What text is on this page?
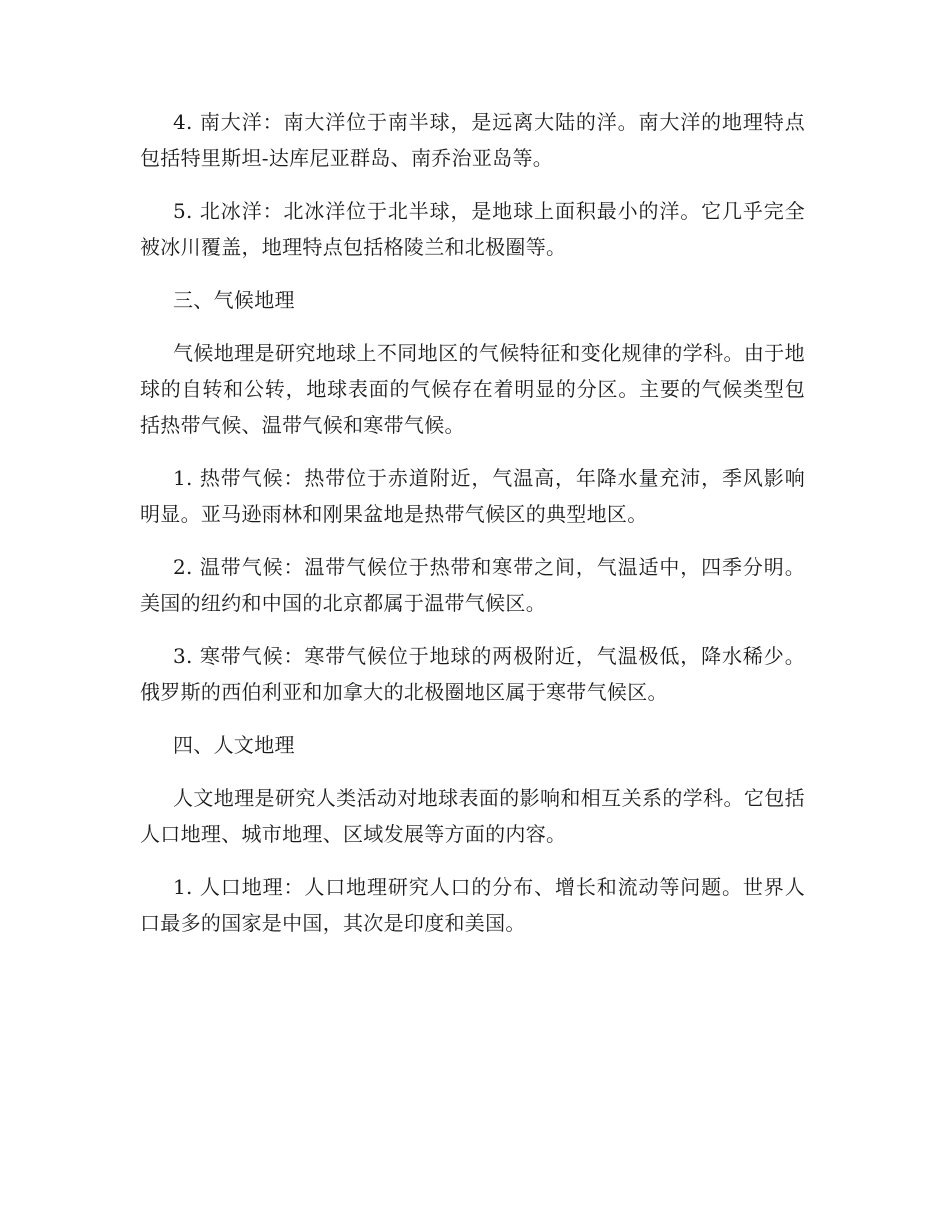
4. 南大洋：南大洋位于南半球，是远离大陆的洋。南大洋的地理特点包括特里斯坦-达库尼亚群岛、南乔治亚岛等。

5. 北冰洋：北冰洋位于北半球，是地球上面积最小的洋。它几乎完全被冰川覆盖，地理特点包括格陵兰和北极圈等。

三、气候地理

气候地理是研究地球上不同地区的气候特征和变化规律的学科。由于地球的自转和公转，地球表面的气候存在着明显的分区。主要的气候类型包括热带气候、温带气候和寒带气候。

1. 热带气候：热带位于赤道附近，气温高，年降水量充沛，季风影响明显。亚马逊雨林和刚果盆地是热带气候区的典型地区。

2. 温带气候：温带气候位于热带和寒带之间，气温适中，四季分明。美国的纽约和中国的北京都属于温带气候区。

3. 寒带气候：寒带气候位于地球的两极附近，气温极低，降水稀少。俄罗斯的西伯利亚和加拿大的北极圈地区属于寒带气候区。

四、人文地理

人文地理是研究人类活动对地球表面的影响和相互关系的学科。它包括人口地理、城市地理、区域发展等方面的内容。

1. 人口地理：人口地理研究人口的分布、增长和流动等问题。世界人口最多的国家是中国，其次是印度和美国。
